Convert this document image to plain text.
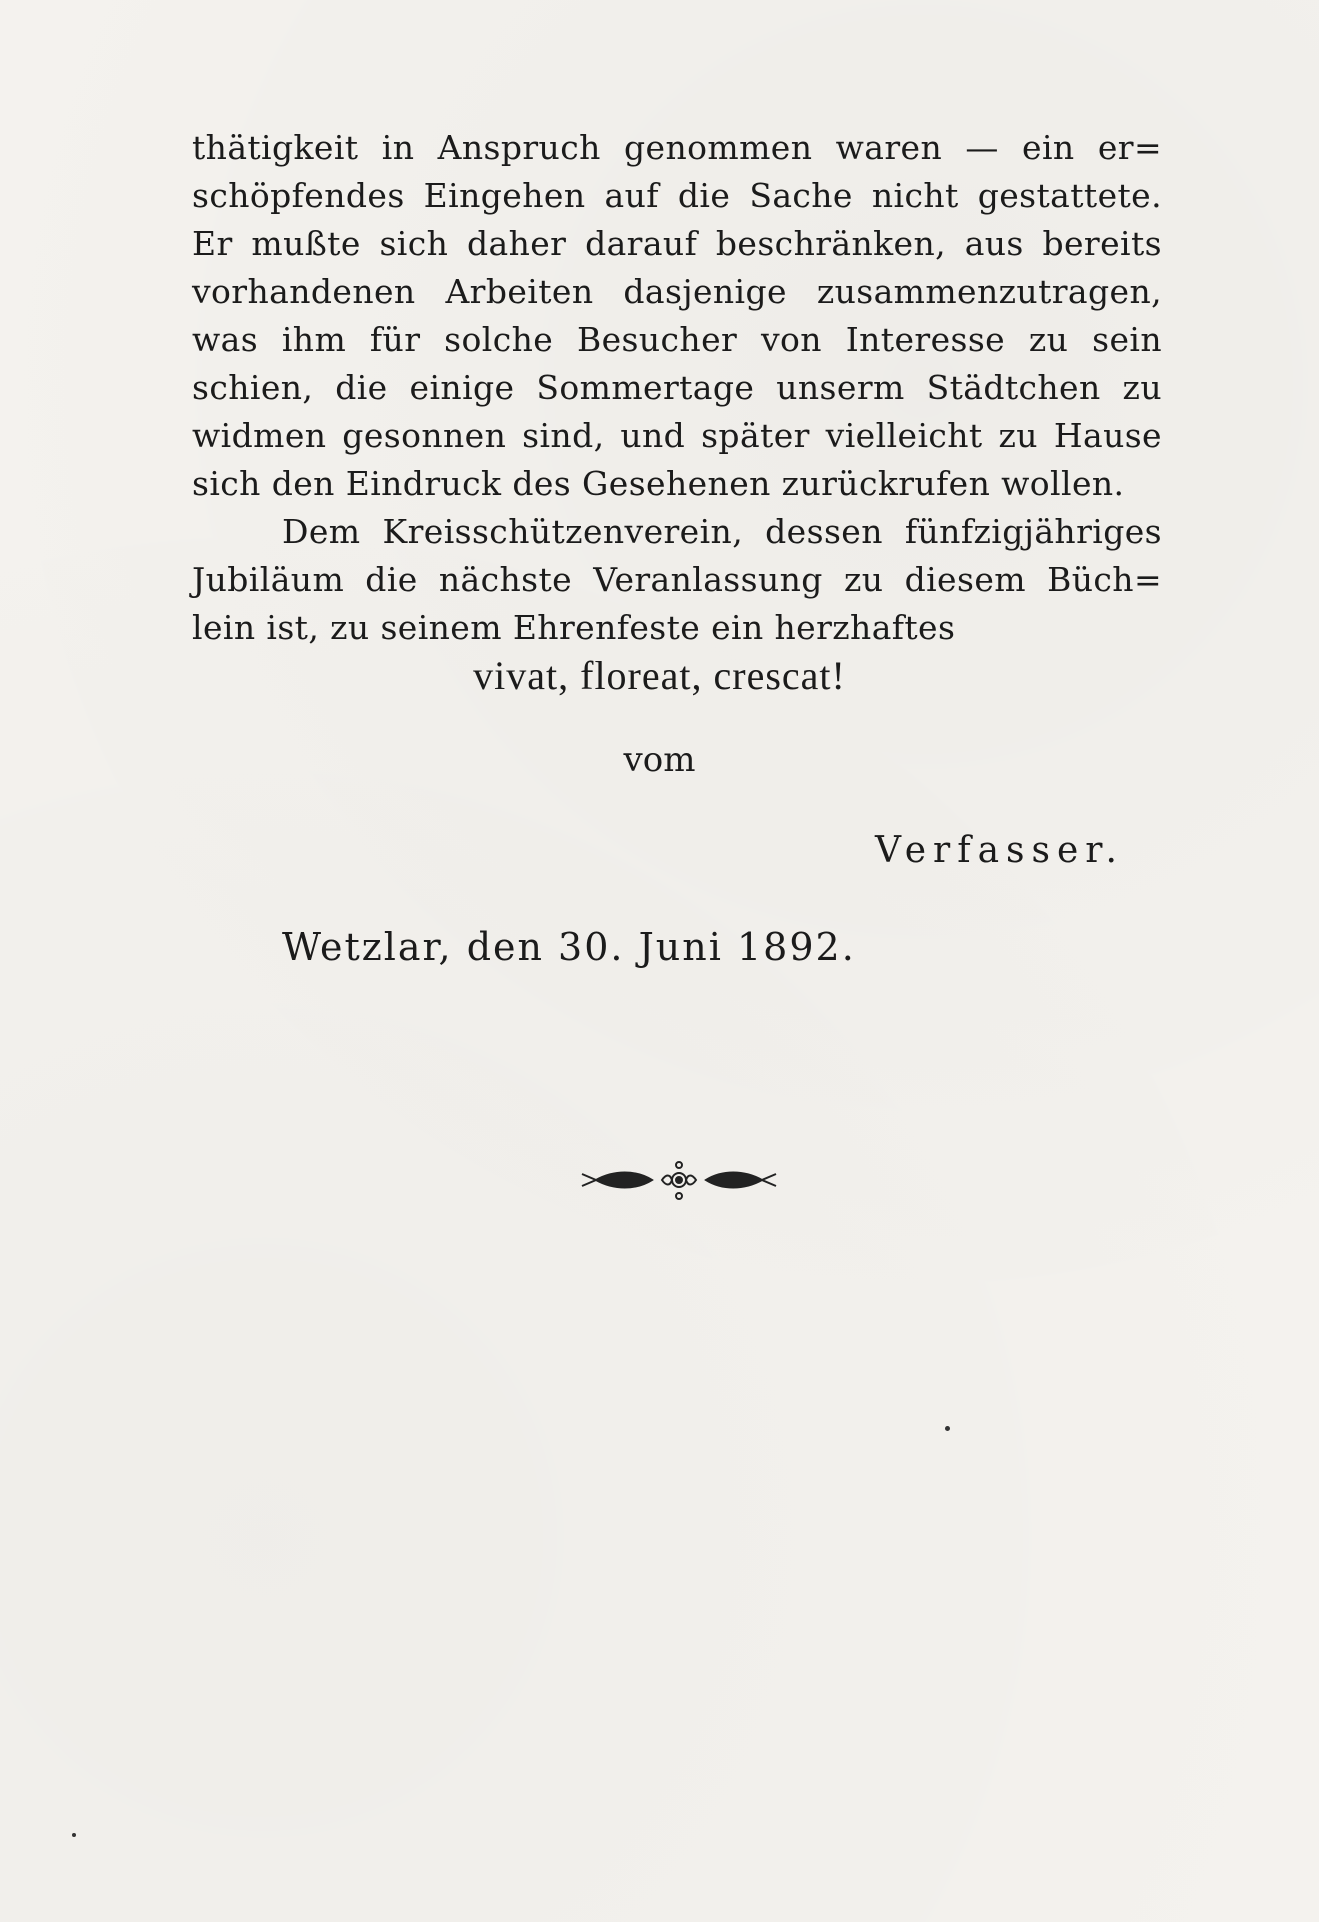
thätigkeit in Anspruch genommen waren — ein er=
schöpfendes Eingehen auf die Sache nicht gestattete.
Er mußte sich daher darauf beschränken, aus bereits
vorhandenen Arbeiten dasjenige zusammenzutragen,
was ihm für solche Besucher von Interesse zu sein
schien, die einige Sommertage unserm Städtchen zu
widmen gesonnen sind, und später vielleicht zu Hause
sich den Eindruck des Gesehenen zurückrufen wollen.
Dem Kreisschützenverein, dessen fünfzigjähriges
Jubiläum die nächste Veranlassung zu diesem Büch=
lein ist, zu seinem Ehrenfeste ein herzhaftes
vivat, floreat, crescat!
vom
Verfasser.
Wetzlar, den 30. Juni 1892.
